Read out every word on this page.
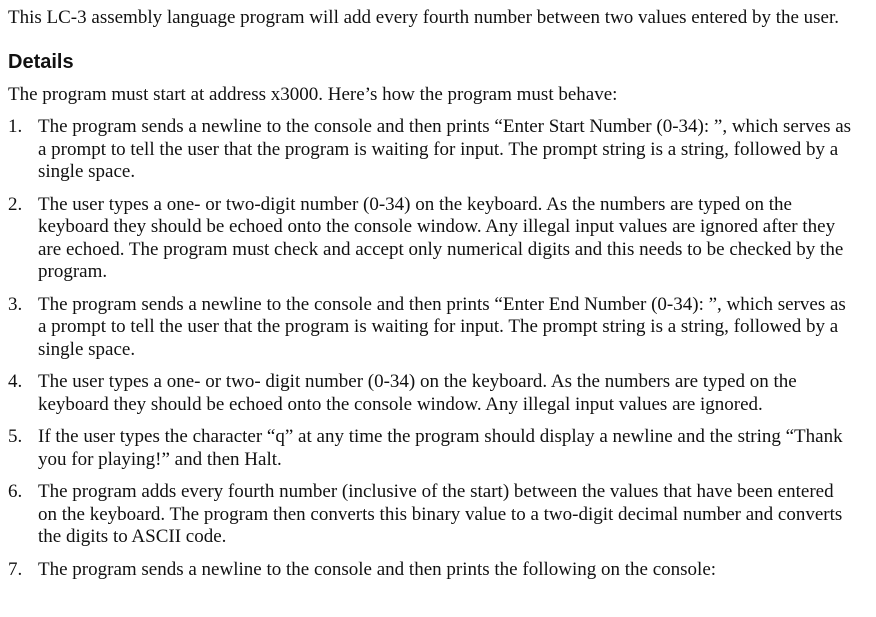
This LC-3 assembly language program will add every fourth number between two values entered by the user.

Details

The program must start at address x3000. Here’s how the program must behave:

1. The program sends a newline to the console and then prints “Enter Start Number (0-34): ”, which serves as a prompt to tell the user that the program is waiting for input. The prompt string is a string, followed by a single space.
2. The user types a one- or two-digit number (0-34) on the keyboard. As the numbers are typed on the keyboard they should be echoed onto the console window. Any illegal input values are ignored after they are echoed. The program must check and accept only numerical digits and this needs to be checked by the program.
3. The program sends a newline to the console and then prints “Enter End Number (0-34): ”, which serves as a prompt to tell the user that the program is waiting for input. The prompt string is a string, followed by a single space.
4. The user types a one- or two- digit number (0-34) on the keyboard. As the numbers are typed on the keyboard they should be echoed onto the console window. Any illegal input values are ignored.
5. If the user types the character “q” at any time the program should display a newline and the string “Thank you for playing!” and then Halt.
6. The program adds every fourth number (inclusive of the start) between the values that have been entered on the keyboard. The program then converts this binary value to a two-digit decimal number and converts the digits to ASCII code.
7. The program sends a newline to the console and then prints the following on the console:
